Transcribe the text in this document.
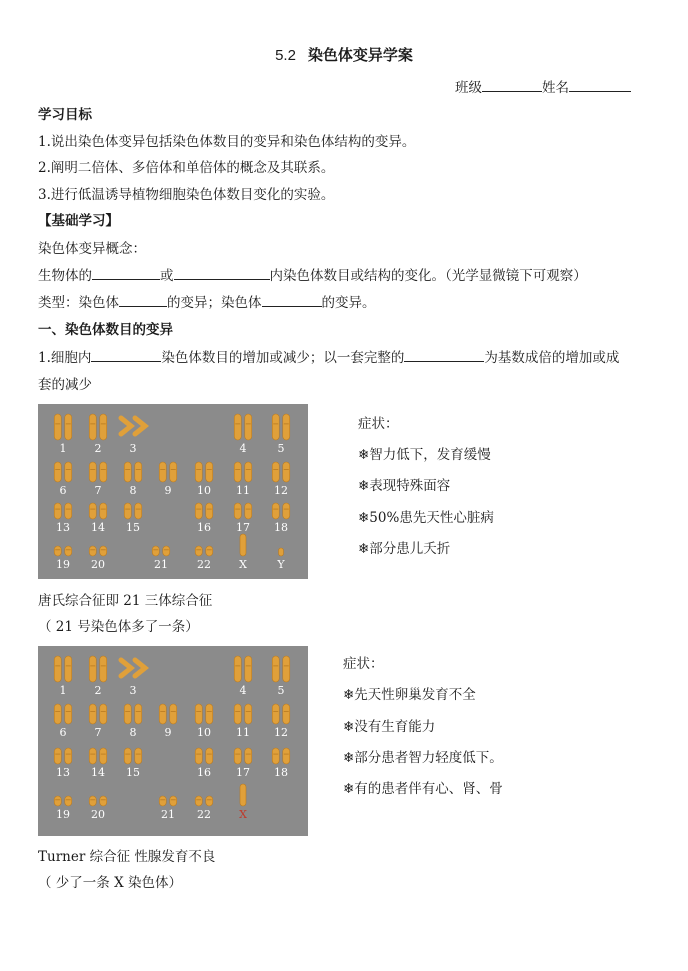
5.2 染色体变异学案
班级	姓名
学习目标
1.说出染色体变异包括染色体数目的变异和染色体结构的变异。
2.阐明二倍体、多倍体和单倍体的概念及其联系。
3.进行低温诱导植物细胞染色体数目变化的实验。
【基础学习】
染色体变异概念：
生物体的	或	内染色体数目或结构的变化。（光学显微镜下可观察）
类型：染色体	的变异；染色体	的变异。
一、染色体数目的变异
1.细胞内	染色体数目的增加或减少；以一套完整的	为基数成倍的增加或成
套的减少
1	2	3	4	5
6	7	8	9 10 11 12
13 14 15	16 17 18
19 20	21	22	X	Y
症状：
❄智力低下，发育缓慢
❄表现特殊面容
❄50%患先天性心脏病
❄部分患儿夭折
唐氏综合征即 21 三体综合征
（ 21 号染色体多了一条）
1	2	3	4	5
6	7	8	9 10 11 12
13 14 15	16 17 18
19 20	21 22	X
症状：
❄先天性卵巢发育不全
❄没有生育能力
❄部分患者智力轻度低下。
❄有的患者伴有心、肾、骨
Turner 综合征 性腺发育不良
（ 少了一条 X 染色体）
